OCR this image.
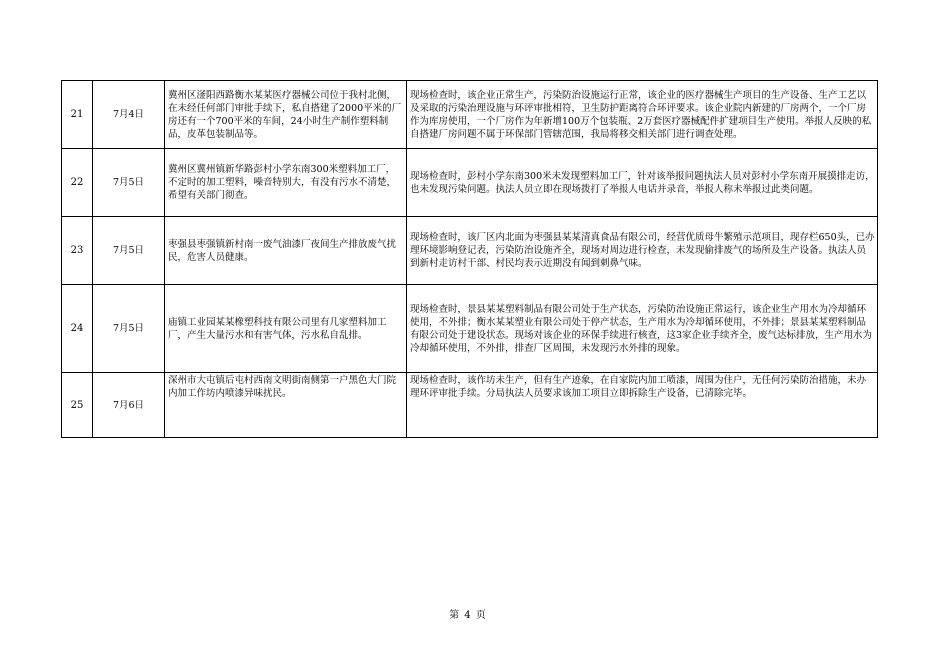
21	7月4日	冀州区滏阳西路衡水某某医疗器械公司位于我村北侧，在未经任何部门审批手续下，私自搭建了2000平米的厂房还有一个700平米的车间，24小时生产制作塑料制品，皮革包装制品等。	现场检查时，该企业正常生产，污染防治设施运行正常，该企业的医疗器械生产项目的生产设备、生产工艺以及采取的污染治理设施与环评审批相符，卫生防护距离符合环评要求。该企业院内新建的厂房两个，一个厂房作为库房使用，一个厂房作为年新增100万个包装瓶、2万套医疗器械配件扩建项目生产使用。举报人反映的私自搭建厂房问题不属于环保部门管辖范围，我局将移交相关部门进行调查处理。
22	7月5日	冀州区冀州镇新华路彭村小学东南300米塑料加工厂，不定时的加工塑料，噪音特别大，有没有污水不清楚，希望有关部门彻查。	现场检查时，彭村小学东南300米未发现塑料加工厂，针对该举报问题执法人员对彭村小学东南开展摸排走访，也未发现污染问题。执法人员立即在现场拨打了举报人电话并录音，举报人称未举报过此类问题。
23	7月5日	枣强县枣强镇新村南一废气油漆厂夜间生产排放废气扰民，危害人员健康。	现场检查时，该厂区内北面为枣强县某某清真食品有限公司，经营优质母牛繁殖示范项目，现存栏650头，已办理环境影响登记表，污染防治设施齐全，现场对周边进行检查，未发现偷排废气的场所及生产设备。执法人员到新村走访村干部、村民均表示近期没有闻到刺鼻气味。
24	7月5日	庙镇工业园某某橡塑科技有限公司里有几家塑料加工厂，产生大量污水和有害气体，污水私自乱排。	现场检查时，景县某某塑料制品有限公司处于生产状态，污染防治设施正常运行，该企业生产用水为冷却循环使用，不外排；衡水某某塑业有限公司处于停产状态，生产用水为冷却循环使用，不外排；景县某某塑料制品有限公司处于建设状态。现场对该企业的环保手续进行核查，这3家企业手续齐全，废气达标排放，生产用水为冷却循环使用，不外排，排查厂区周围，未发现污水外排的现象。
25	7月6日	深州市大屯镇后屯村西南文明街南侧第一户黑色大门院内加工作坊内喷漆异味扰民。	现场检查时，该作坊未生产，但有生产迹象，在自家院内加工喷漆，周围为住户，无任何污染防治措施，未办理环评审批手续。分局执法人员要求该加工项目立即拆除生产设备，已清除完毕。
第 4 页
